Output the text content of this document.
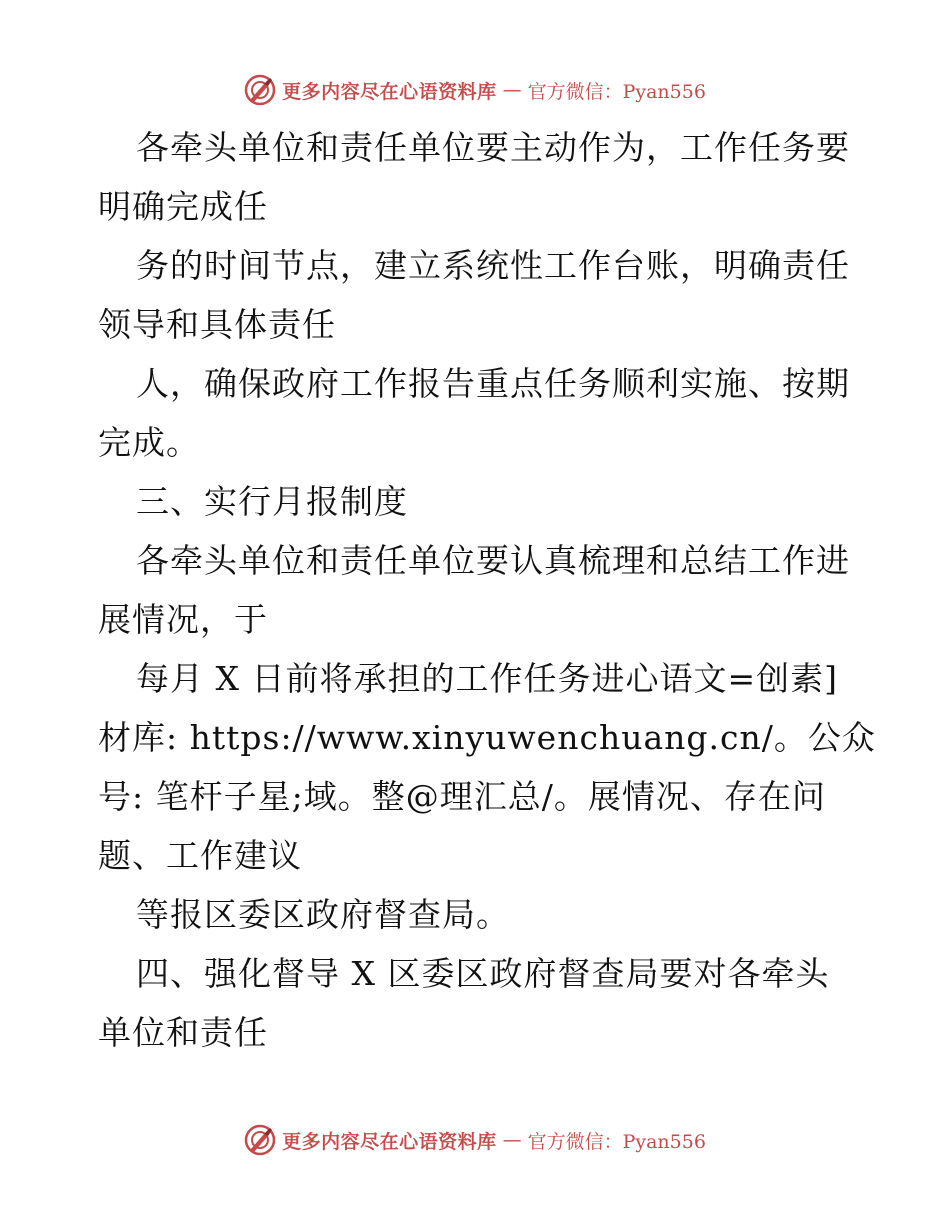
更多内容尽在心语资料库 — 官方微信：Pyan556
各牵头单位和责任单位要主动作为，工作任务要
明确完成任
务的时间节点，建立系统性工作台账，明确责任
领导和具体责任
人，确保政府工作报告重点任务顺利实施、按期
完成。
三、实行月报制度
各牵头单位和责任单位要认真梳理和总结工作进
展情况，于
每月 X 日前将承担的工作任务进心语文=创素]
材库: https://www.xinyuwenchuang.cn/。公众
号: 笔杆子星;域。整@理汇总/。展情况、存在问
题、工作建议
等报区委区政府督查局。
四、强化督导 X 区委区政府督查局要对各牵头
单位和责任
更多内容尽在心语资料库 — 官方微信：Pyan556
